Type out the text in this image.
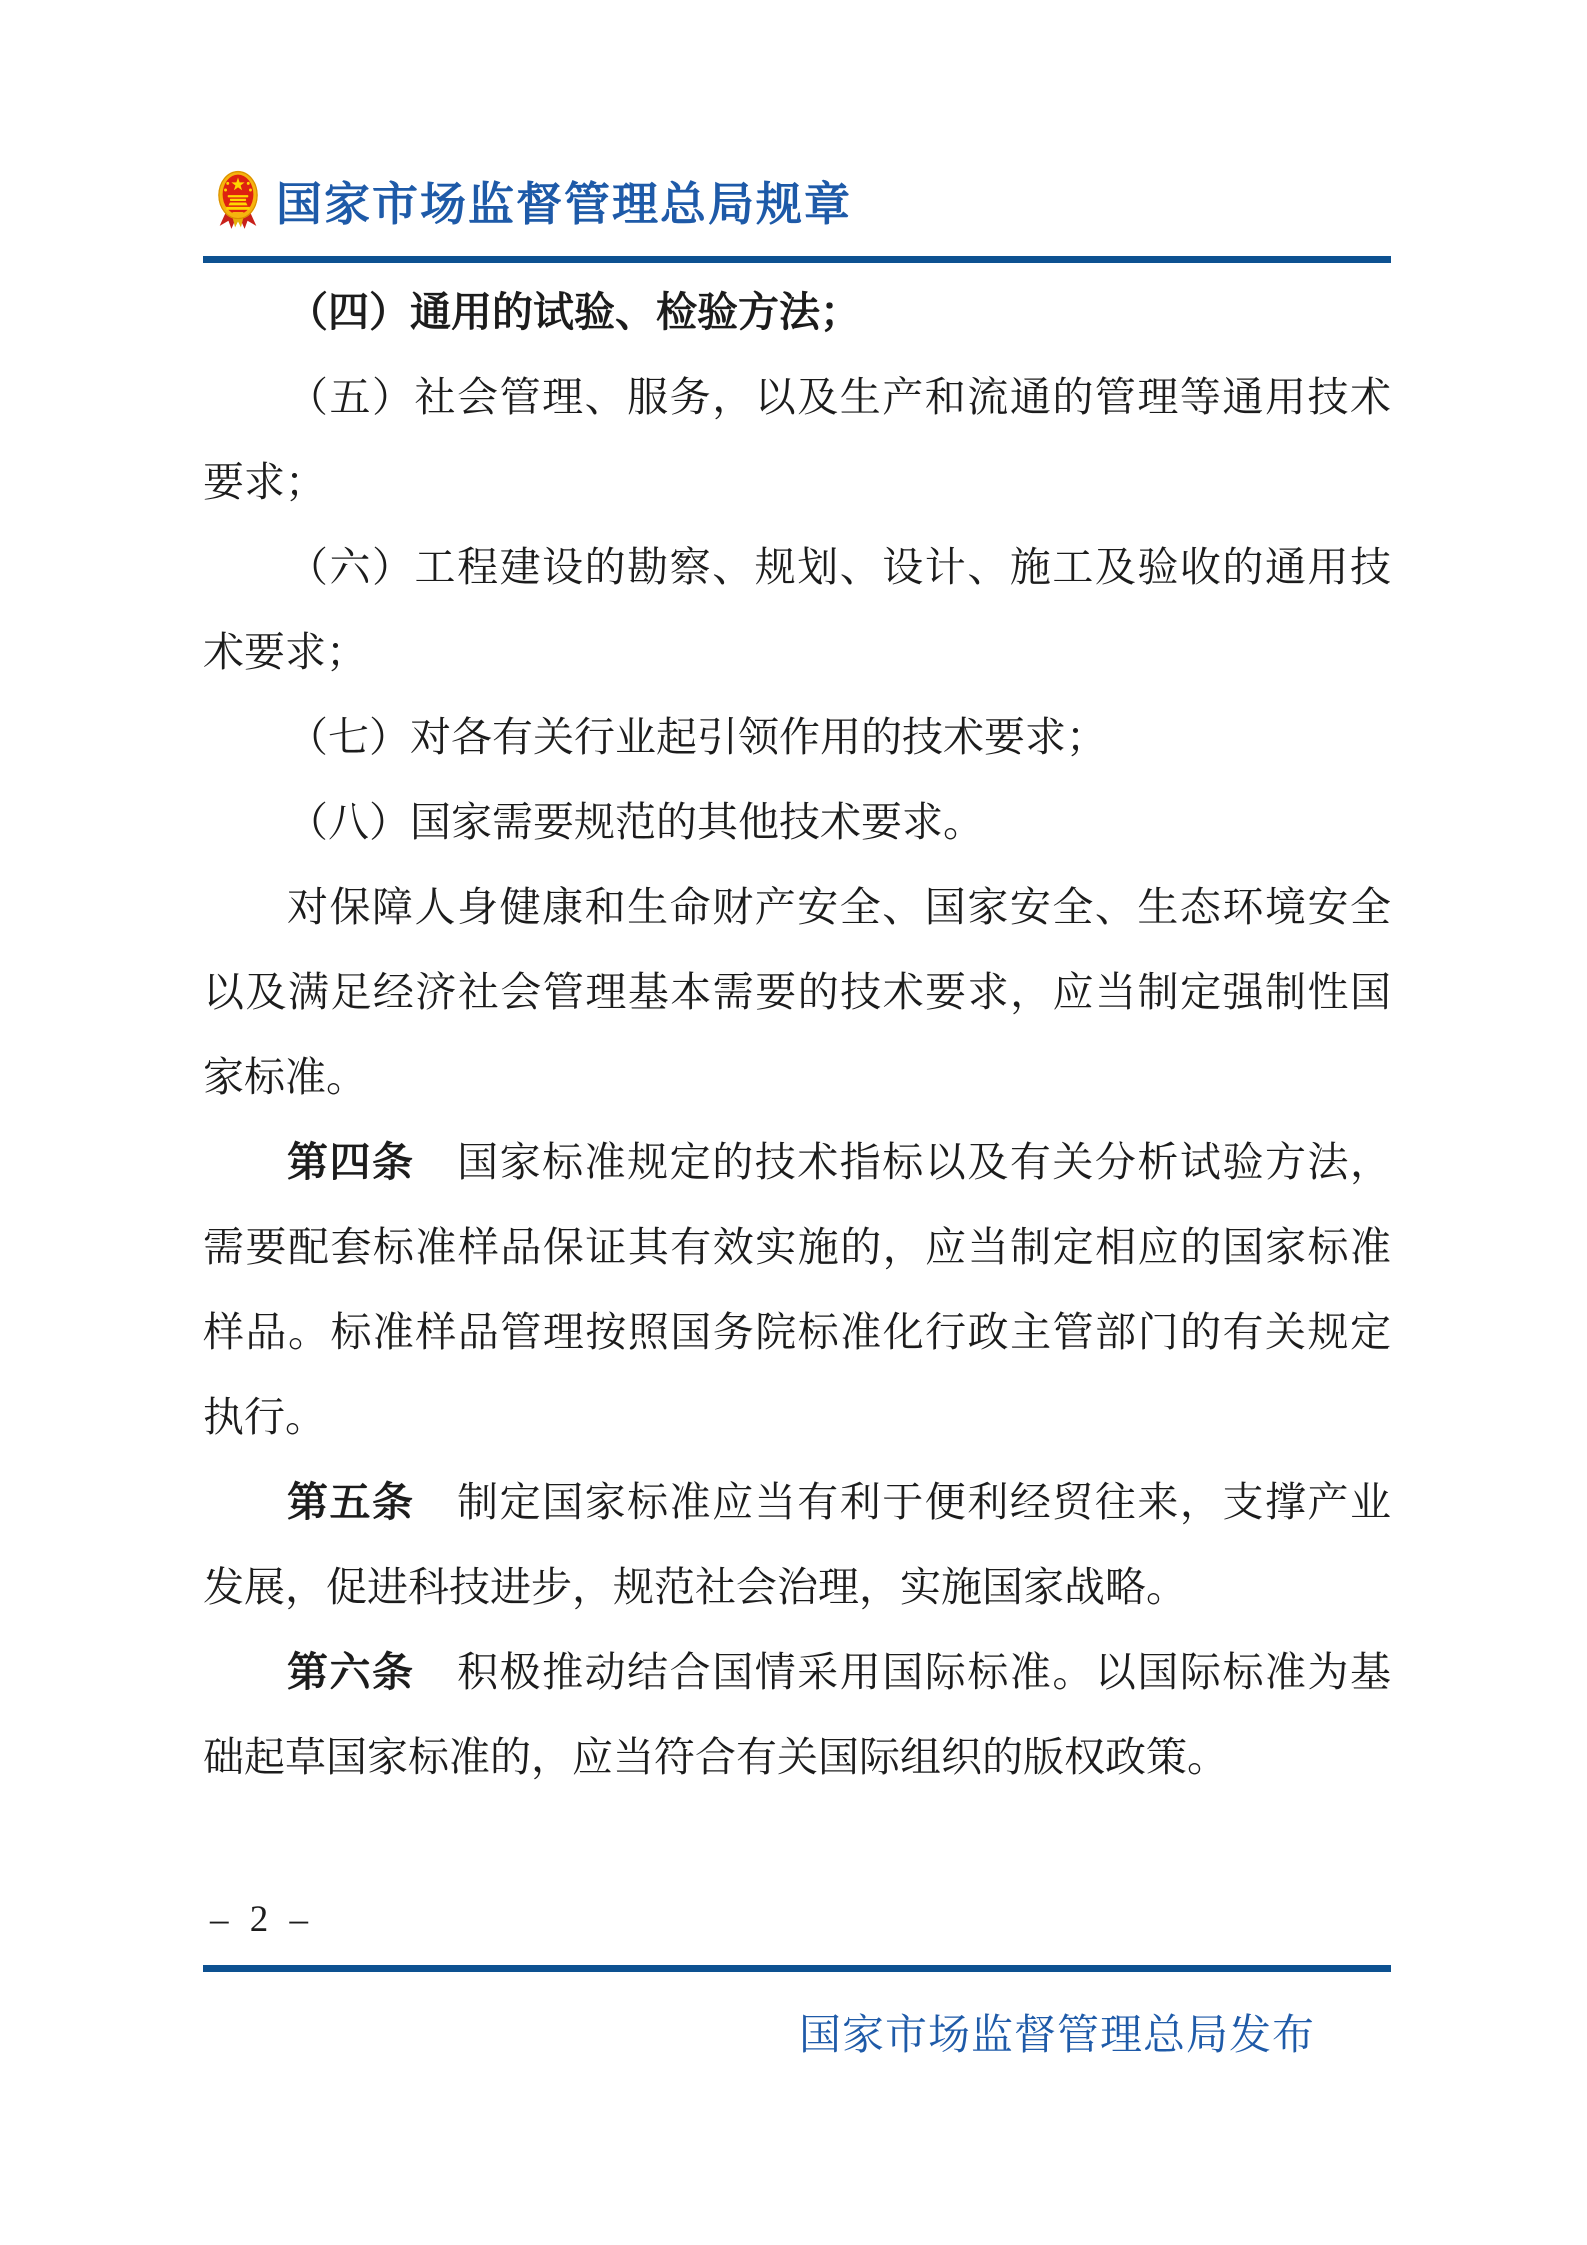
国家市场监督管理总局规章

（四）通用的试验、检验方法；

（五）社会管理、服务，以及生产和流通的管理等通用技术

要求；

（六）工程建设的勘察、规划、设计、施工及验收的通用技

术要求；

（七）对各有关行业起引领作用的技术要求；

（八）国家需要规范的其他技术要求。

对保障人身健康和生命财产安全、国家安全、生态环境安全

以及满足经济社会管理基本需要的技术要求，应当制定强制性国

家标准。

第四条　国家标准规定的技术指标以及有关分析试验方法，

需要配套标准样品保证其有效实施的，应当制定相应的国家标准

样品。标准样品管理按照国务院标准化行政主管部门的有关规定

执行。

第五条　制定国家标准应当有利于便利经贸往来，支撑产业

发展，促进科技进步，规范社会治理，实施国家战略。

第六条　积极推动结合国情采用国际标准。以国际标准为基

础起草国家标准的，应当符合有关国际组织的版权政策。

– 2 –
国家市场监督管理总局发布
